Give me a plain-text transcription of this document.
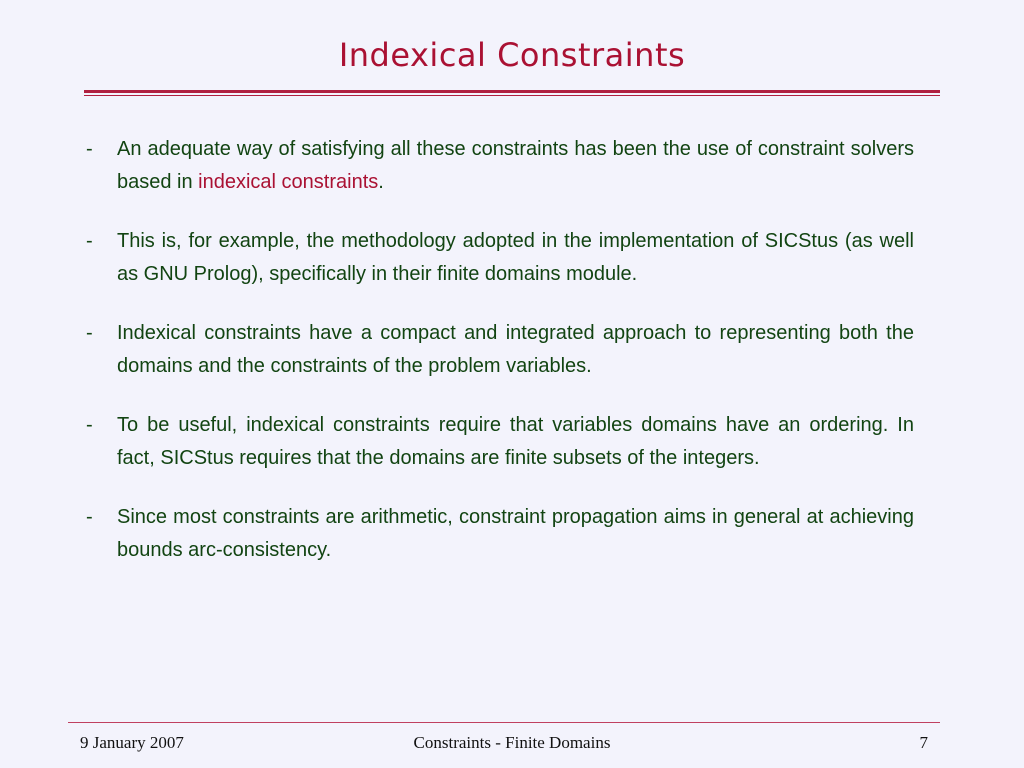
Indexical Constraints
- An adequate way of satisfying all these constraints has been the use of constraint solvers based in indexical constraints.
- This is, for example, the methodology adopted in the implementation of SICStus (as well as GNU Prolog), specifically in their finite domains module.
- Indexical constraints have a compact and integrated approach to representing both the domains and the constraints of the problem variables.
- To be useful, indexical constraints require that variables domains have an ordering. In fact, SICStus requires that the domains are finite subsets of the integers.
- Since most constraints are arithmetic, constraint propagation aims in general at achieving bounds arc-consistency.
9 January 2007	Constraints - Finite Domains	7
